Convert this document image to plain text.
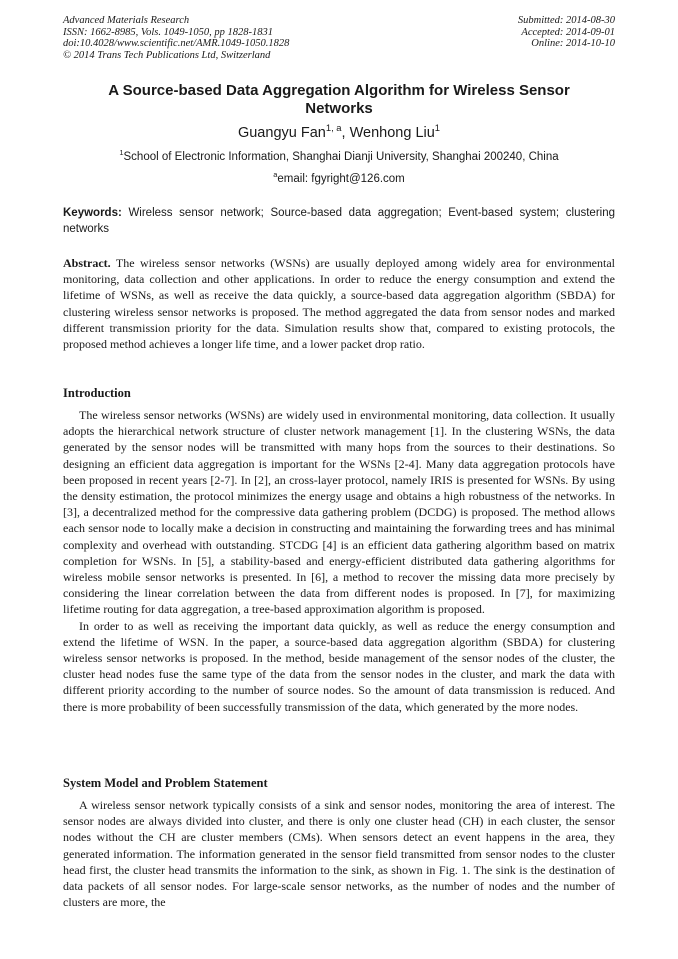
Advanced Materials Research
ISSN: 1662-8985, Vols. 1049-1050, pp 1828-1831
doi:10.4028/www.scientific.net/AMR.1049-1050.1828
© 2014 Trans Tech Publications Ltd, Switzerland
Submitted: 2014-08-30
Accepted: 2014-09-01
Online: 2014-10-10
A Source-based Data Aggregation Algorithm for Wireless Sensor Networks
Guangyu Fan$^{1, a}$, Wenhong Liu$^1$
$^1$School of Electronic Information, Shanghai Dianji University, Shanghai 200240, China
$^a$email: fgyright@126.com
Keywords: Wireless sensor network; Source-based data aggregation; Event-based system; clustering networks
Abstract. The wireless sensor networks (WSNs) are usually deployed among widely area for environmental monitoring, data collection and other applications. In order to reduce the energy consumption and extend the lifetime of WSNs, as well as receive the data quickly, a source-based data aggregation algorithm (SBDA) for clustering wireless sensor networks is proposed. The method aggregated the data from sensor nodes and marked different transmission priority for the data. Simulation results show that, compared to existing protocols, the proposed method achieves a longer life time, and a lower packet drop ratio.
Introduction

The wireless sensor networks (WSNs) are widely used in environmental monitoring, data collection. It usually adopts the hierarchical network structure of cluster network management [1]. In the clustering WSNs, the data generated by the sensor nodes will be transmitted with many hops from the sources to their destinations. So designing an efficient data aggregation is important for the WSNs [2-4]. Many data aggregation protocols have been proposed in recent years [2-7]. In [2], an cross-layer protocol, namely IRIS is presented for WSNs. By using the density estimation, the protocol minimizes the energy usage and obtains a high robustness of the networks. In [3], a decentralized method for the compressive data gathering problem (DCDG) is proposed. The method allows each sensor node to locally make a decision in constructing and maintaining the forwarding trees and has minimal complexity and overhead with outstanding. STCDG [4] is an efficient data gathering algorithm based on matrix completion for WSNs. In [5], a stability-based and energy-efficient distributed data gathering algorithms for wireless mobile sensor networks is presented. In [6], a method to recover the missing data more precisely by considering the linear correlation between the data from different nodes is proposed. In [7], for maximizing lifetime routing for data aggregation, a tree-based approximation algorithm is proposed.

In order to as well as receiving the important data quickly, as well as reduce the energy consumption and extend the lifetime of WSN. In the paper, a source-based data aggregation algorithm (SBDA) for clustering wireless sensor networks is proposed. In the method, beside management of the sensor nodes of the cluster, the cluster head nodes fuse the same type of the data from the sensor nodes in the cluster, and mark the data with different priority according to the number of source nodes. So the amount of data transmission is reduced. And there is more probability of been successfully transmission of the data, which generated by the more nodes.

System Model and Problem Statement

A wireless sensor network typically consists of a sink and sensor nodes, monitoring the area of interest. The sensor nodes are always divided into cluster, and there is only one cluster head (CH) in each cluster, the sensor nodes without the CH are cluster members (CMs). When sensors detect an event happens in the area, they generated information. The information generated in the sensor field transmitted from sensor nodes to the cluster head first, the cluster head transmits the information to the sink, as shown in Fig. 1. The sink is the destination of data packets of all sensor nodes. For large-scale sensor networks, as the number of nodes and the number of clusters are more, the
